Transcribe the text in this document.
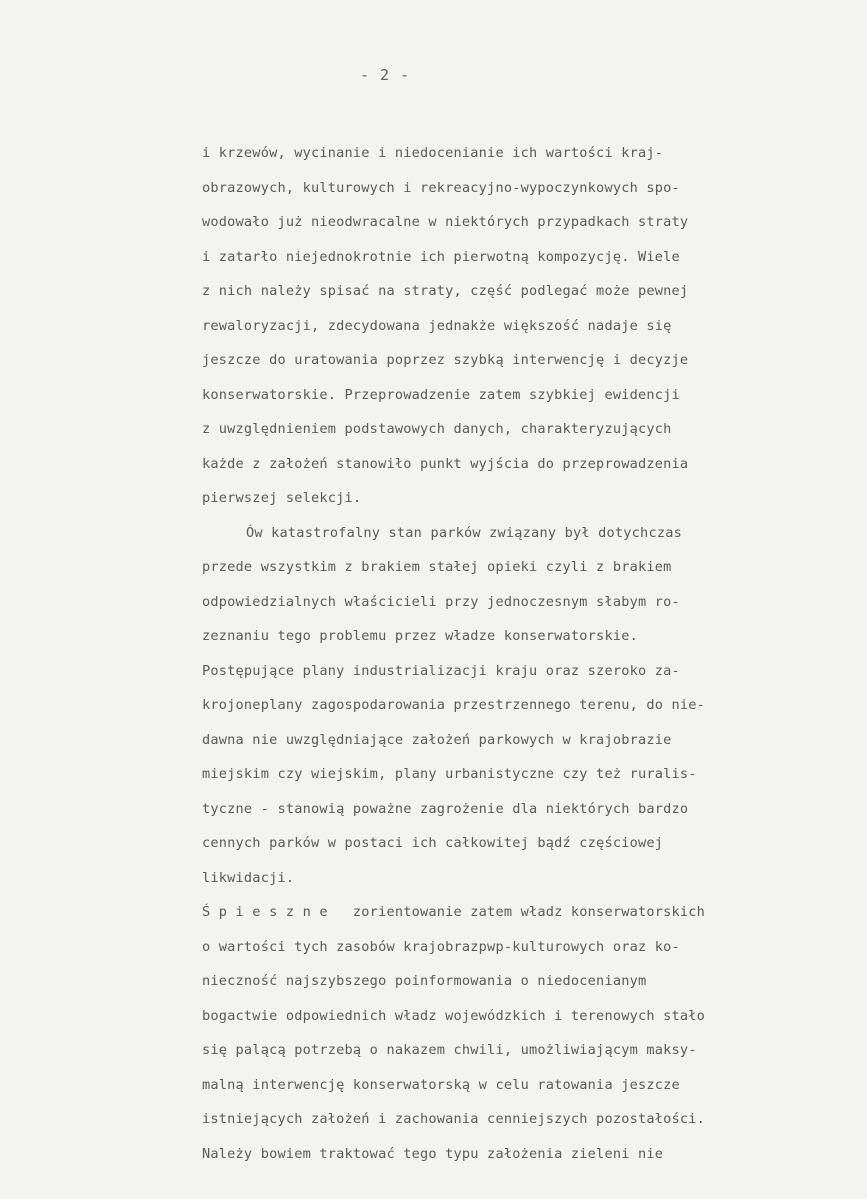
- 2 -
i krzewów, wycinanie i niedocenianie ich wartości kraj-
obrazowych, kulturowych i rekreacyjno-wypoczynkowych spo-
wodowało już nieodwracalne w niektórych przypadkach straty
i zatarło niejednokrotnie ich pierwotną kompozycję. Wiele
z nich należy spisać na straty, część podlegać może pewnej
rewaloryzacji, zdecydowana jednakże większość nadaje się
jeszcze do uratowania poprzez szybką interwencję i decyzje
konserwatorskie. Przeprowadzenie zatem szybkiej ewidencji
z uwzględnieniem podstawowych danych, charakteryzujących
każde z założeń stanowiło punkt wyjścia do przeprowadzenia
pierwszej selekcji.
Ów katastrofalny stan parków związany był dotychczas
przede wszystkim z brakiem stałej opieki czyli z brakiem
odpowiedzialnych właścicieli przy jednoczesnym słabym ro-
zeznaniu tego problemu przez władze konserwatorskie.
Postępujące plany industrializacji kraju oraz szeroko za-
krojoneplany zagospodarowania przestrzennego terenu, do nie-
dawna nie uwzględniające założeń parkowych w krajobrazie
miejskim czy wiejskim, plany urbanistyczne czy też ruralis-
tyczne - stanowią poważne zagrożenie dla niektórych bardzo
cennych parków w postaci ich całkowitej bądź częściowej
likwidacji.
Ś p i e s z n e   zorientowanie zatem władz konserwatorskich
o wartości tych zasobów krajobrazpwp-kulturowych oraz ko-
nieczność najszybszego poinformowania o niedocenianym
bogactwie odpowiednich władz wojewódzkich i terenowych stało
się palącą potrzebą o nakazem chwili, umożliwiającym maksy-
malną interwencję konserwatorską w celu ratowania jeszcze
istniejących założeń i zachowania cenniejszych pozostałości.
Należy bowiem traktować tego typu założenia zieleni nie
